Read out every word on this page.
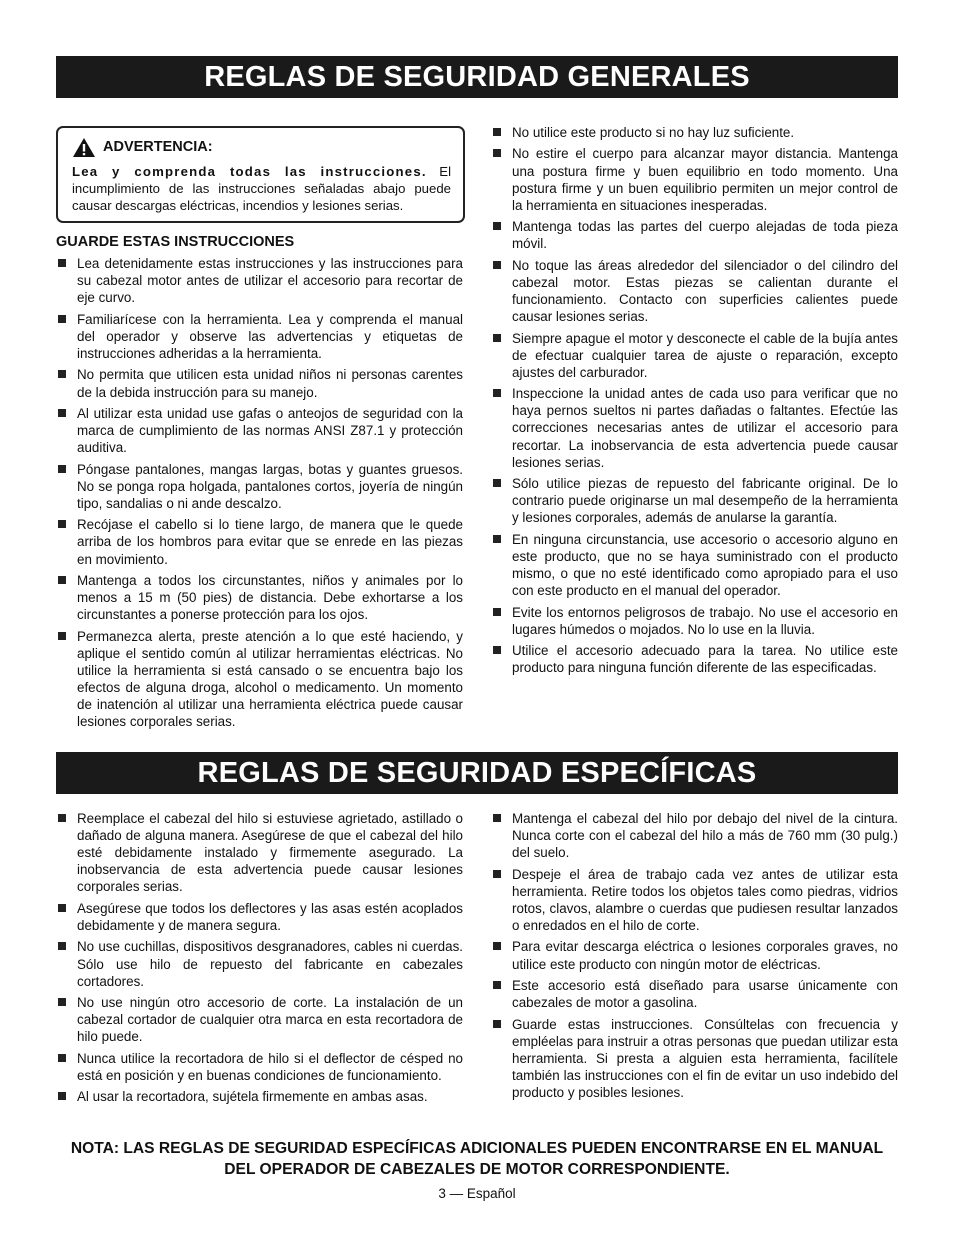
REGLAS DE SEGURIDAD GENERALES
ADVERTENCIA:
Lea y comprenda todas las instrucciones. El incumplimiento de las instrucciones señaladas abajo puede causar descargas eléctricas, incendios y lesiones serias.
GUARDE ESTAS INSTRUCCIONES
Lea detenidamente estas instrucciones y las instrucciones para su cabezal motor antes de utilizar el accesorio para recortar de eje curvo.
Familiarícese con la herramienta. Lea y comprenda el manual del operador y observe las advertencias y etiquetas de instrucciones adheridas a la herramienta.
No permita que utilicen esta unidad niños ni personas carentes de la debida instrucción para su manejo.
Al utilizar esta unidad use gafas o anteojos de seguridad con la marca de cumplimiento de las normas ANSI Z87.1 y protección auditiva.
Póngase pantalones, mangas largas, botas y guantes gruesos. No se ponga ropa holgada, pantalones cortos, joyería de ningún tipo, sandalias o ni ande descalzo.
Recójase el cabello si lo tiene largo, de manera que le quede arriba de los hombros para evitar que se enrede en las piezas en movimiento.
Mantenga a todos los circunstantes, niños y animales por lo menos a 15 m (50 pies) de distancia. Debe exhortarse a los circunstantes a ponerse protección para los ojos.
Permanezca alerta, preste atención a lo que esté haciendo, y aplique el sentido común al utilizar herramientas eléctricas. No utilice la herramienta si está cansado o se encuentra bajo los efectos de alguna droga, alcohol o medicamento. Un momento de inatención al utilizar una herramienta eléctrica puede causar lesiones corporales serias.
No utilice este producto si no hay luz suficiente.
No estire el cuerpo para alcanzar mayor distancia. Mantenga una postura firme y buen equilibrio en todo momento. Una postura firme y un buen equilibrio permiten un mejor control de la herramienta en situaciones inesperadas.
Mantenga todas las partes del cuerpo alejadas de toda pieza móvil.
No toque las áreas alrededor del silenciador o del cilindro del cabezal motor. Estas piezas se calientan durante el funcionamiento. Contacto con superficies calientes puede causar lesiones serias.
Siempre apague el motor y desconecte el cable de la bujía antes de efectuar cualquier tarea de ajuste o reparación, excepto ajustes del carburador.
Inspeccione la unidad antes de cada uso para verificar que no haya pernos sueltos ni partes dañadas o faltantes. Efectúe las correcciones necesarias antes de utilizar el accesorio para recortar. La inobservancia de esta advertencia puede causar lesiones serias.
Sólo utilice piezas de repuesto del fabricante original. De lo contrario puede originarse un mal desempeño de la herramienta y lesiones corporales, además de anularse la garantía.
En ninguna circunstancia, use accesorio o accesorio alguno en este producto, que no se haya suministrado con el producto mismo, o que no esté identificado como apropiado para el uso con este producto en el manual del operador.
Evite los entornos peligrosos de trabajo. No use el accesorio en lugares húmedos o mojados. No lo use en la lluvia.
Utilice el accesorio adecuado para la tarea. No utilice este producto para ninguna función diferente de las especificadas.
REGLAS DE SEGURIDAD ESPECÍFICAS
Reemplace el cabezal del hilo si estuviese agrietado, astillado o dañado de alguna manera. Asegúrese de que el cabezal del hilo esté debidamente instalado y firmemente asegurado. La inobservancia de esta advertencia puede causar lesiones corporales serias.
Asegúrese que todos los deflectores y las asas estén acoplados debidamente y de manera segura.
No use cuchillas, dispositivos desgranadores, cables ni cuerdas. Sólo use hilo de repuesto del fabricante en cabezales cortadores.
No use ningún otro accesorio de corte. La instalación de un cabezal cortador de cualquier otra marca en esta recortadora de hilo puede.
Nunca utilice la recortadora de hilo si el deflector de césped no está en posición y en buenas condiciones de funcionamiento.
Al usar la recortadora, sujétela firmemente en ambas asas.
Mantenga el cabezal del hilo por debajo del nivel de la cintura. Nunca corte con el cabezal del hilo a más de 760 mm (30 pulg.) del suelo.
Despeje el área de trabajo cada vez antes de utilizar esta herramienta. Retire todos los objetos tales como piedras, vidrios rotos, clavos, alambre o cuerdas que pudiesen resultar lanzados o enredados en el hilo de corte.
Para evitar descarga eléctrica o lesiones corporales graves, no utilice este producto con ningún motor de eléctricas.
Este accesorio está diseñado para usarse únicamente con cabezales de motor a gasolina.
Guarde estas instrucciones. Consúltelas con frecuencia y empléelas para instruir a otras personas que puedan utilizar esta herramienta. Si presta a alguien esta herramienta, facilítele también las instrucciones con el fin de evitar un uso indebido del producto y posibles lesiones.
NOTA: LAS REGLAS DE SEGURIDAD ESPECÍFICAS ADICIONALES PUEDEN ENCONTRARSE EN EL MANUAL DEL OPERADOR DE CABEZALES DE MOTOR CORRESPONDIENTE.
3 — Español
